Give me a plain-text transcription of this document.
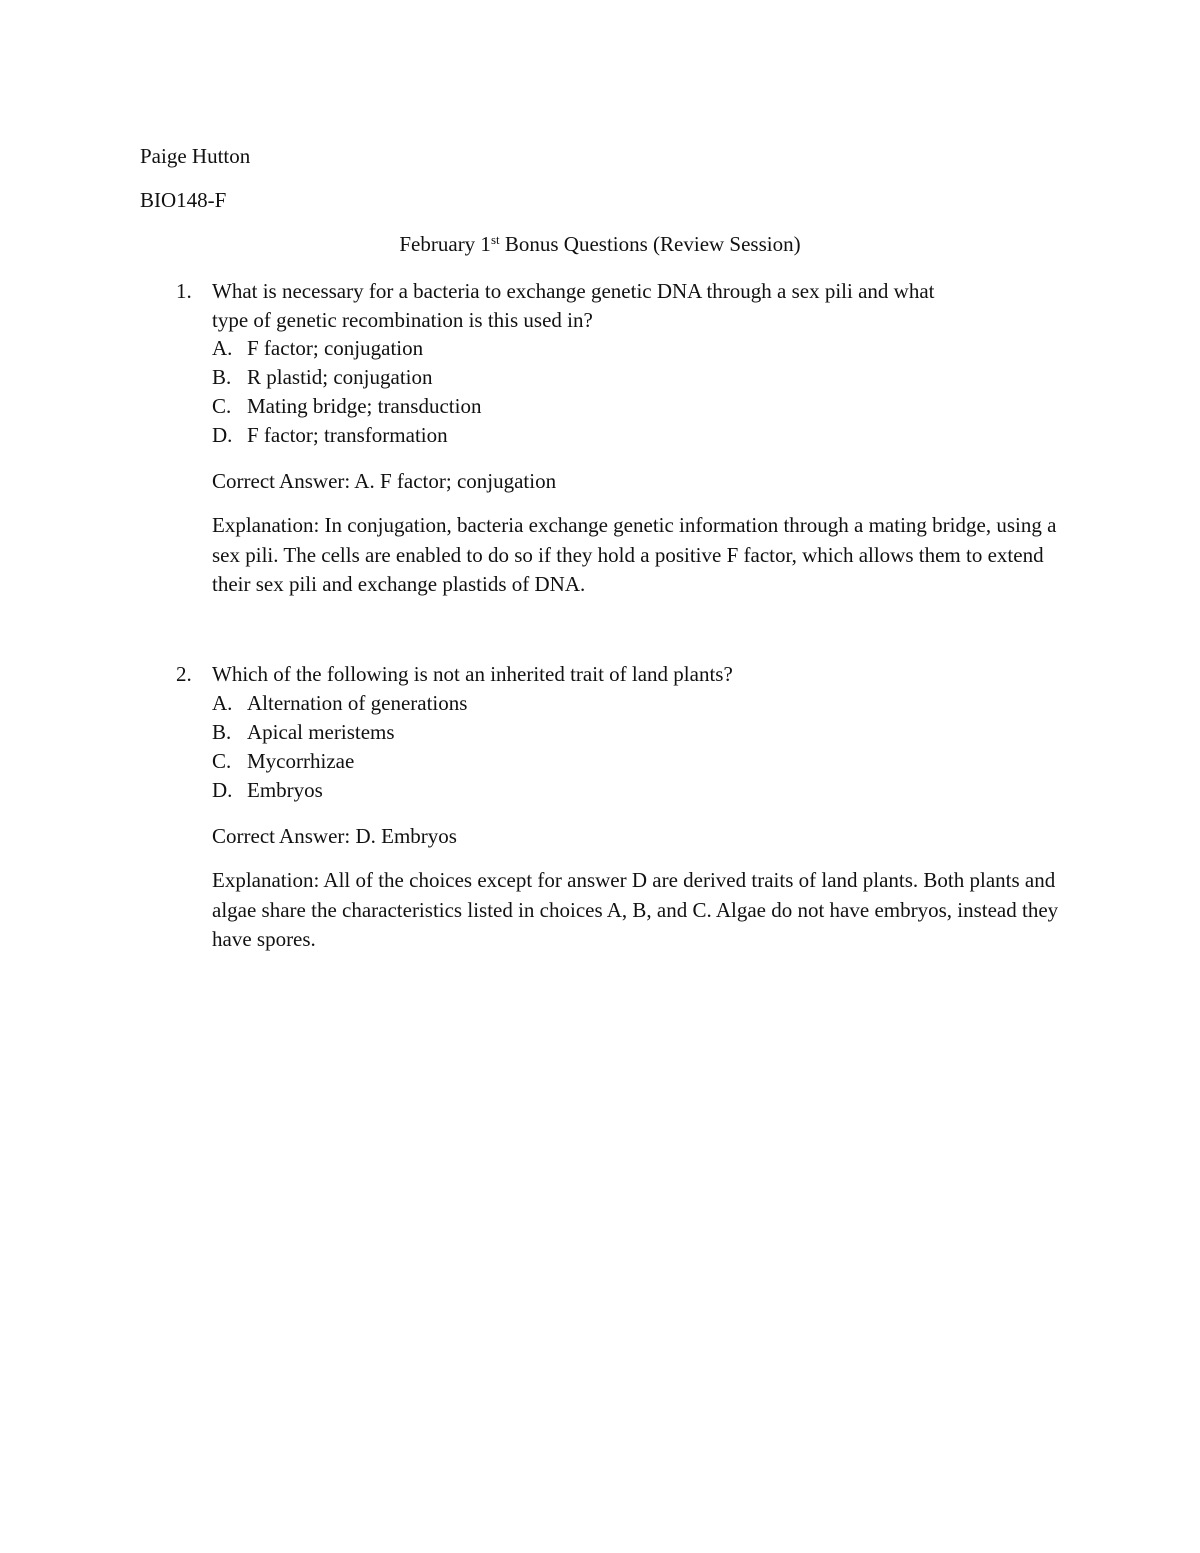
Paige Hutton
BIO148-F
February 1st Bonus Questions (Review Session)
1. What is necessary for a bacteria to exchange genetic DNA through a sex pili and what
type of genetic recombination is this used in?
A. F factor; conjugation
B. R plastid; conjugation
C. Mating bridge; transduction
D. F factor; transformation
Correct Answer: A. F factor; conjugation
Explanation: In conjugation, bacteria exchange genetic information through a mating bridge, using a sex pili. The cells are enabled to do so if they hold a positive F factor, which allows them to extend their sex pili and exchange plastids of DNA.
2. Which of the following is not an inherited trait of land plants?
A. Alternation of generations
B. Apical meristems
C. Mycorrhizae
D. Embryos
Correct Answer: D. Embryos
Explanation: All of the choices except for answer D are derived traits of land plants. Both plants and algae share the characteristics listed in choices A, B, and C. Algae do not have embryos, instead they have spores.
